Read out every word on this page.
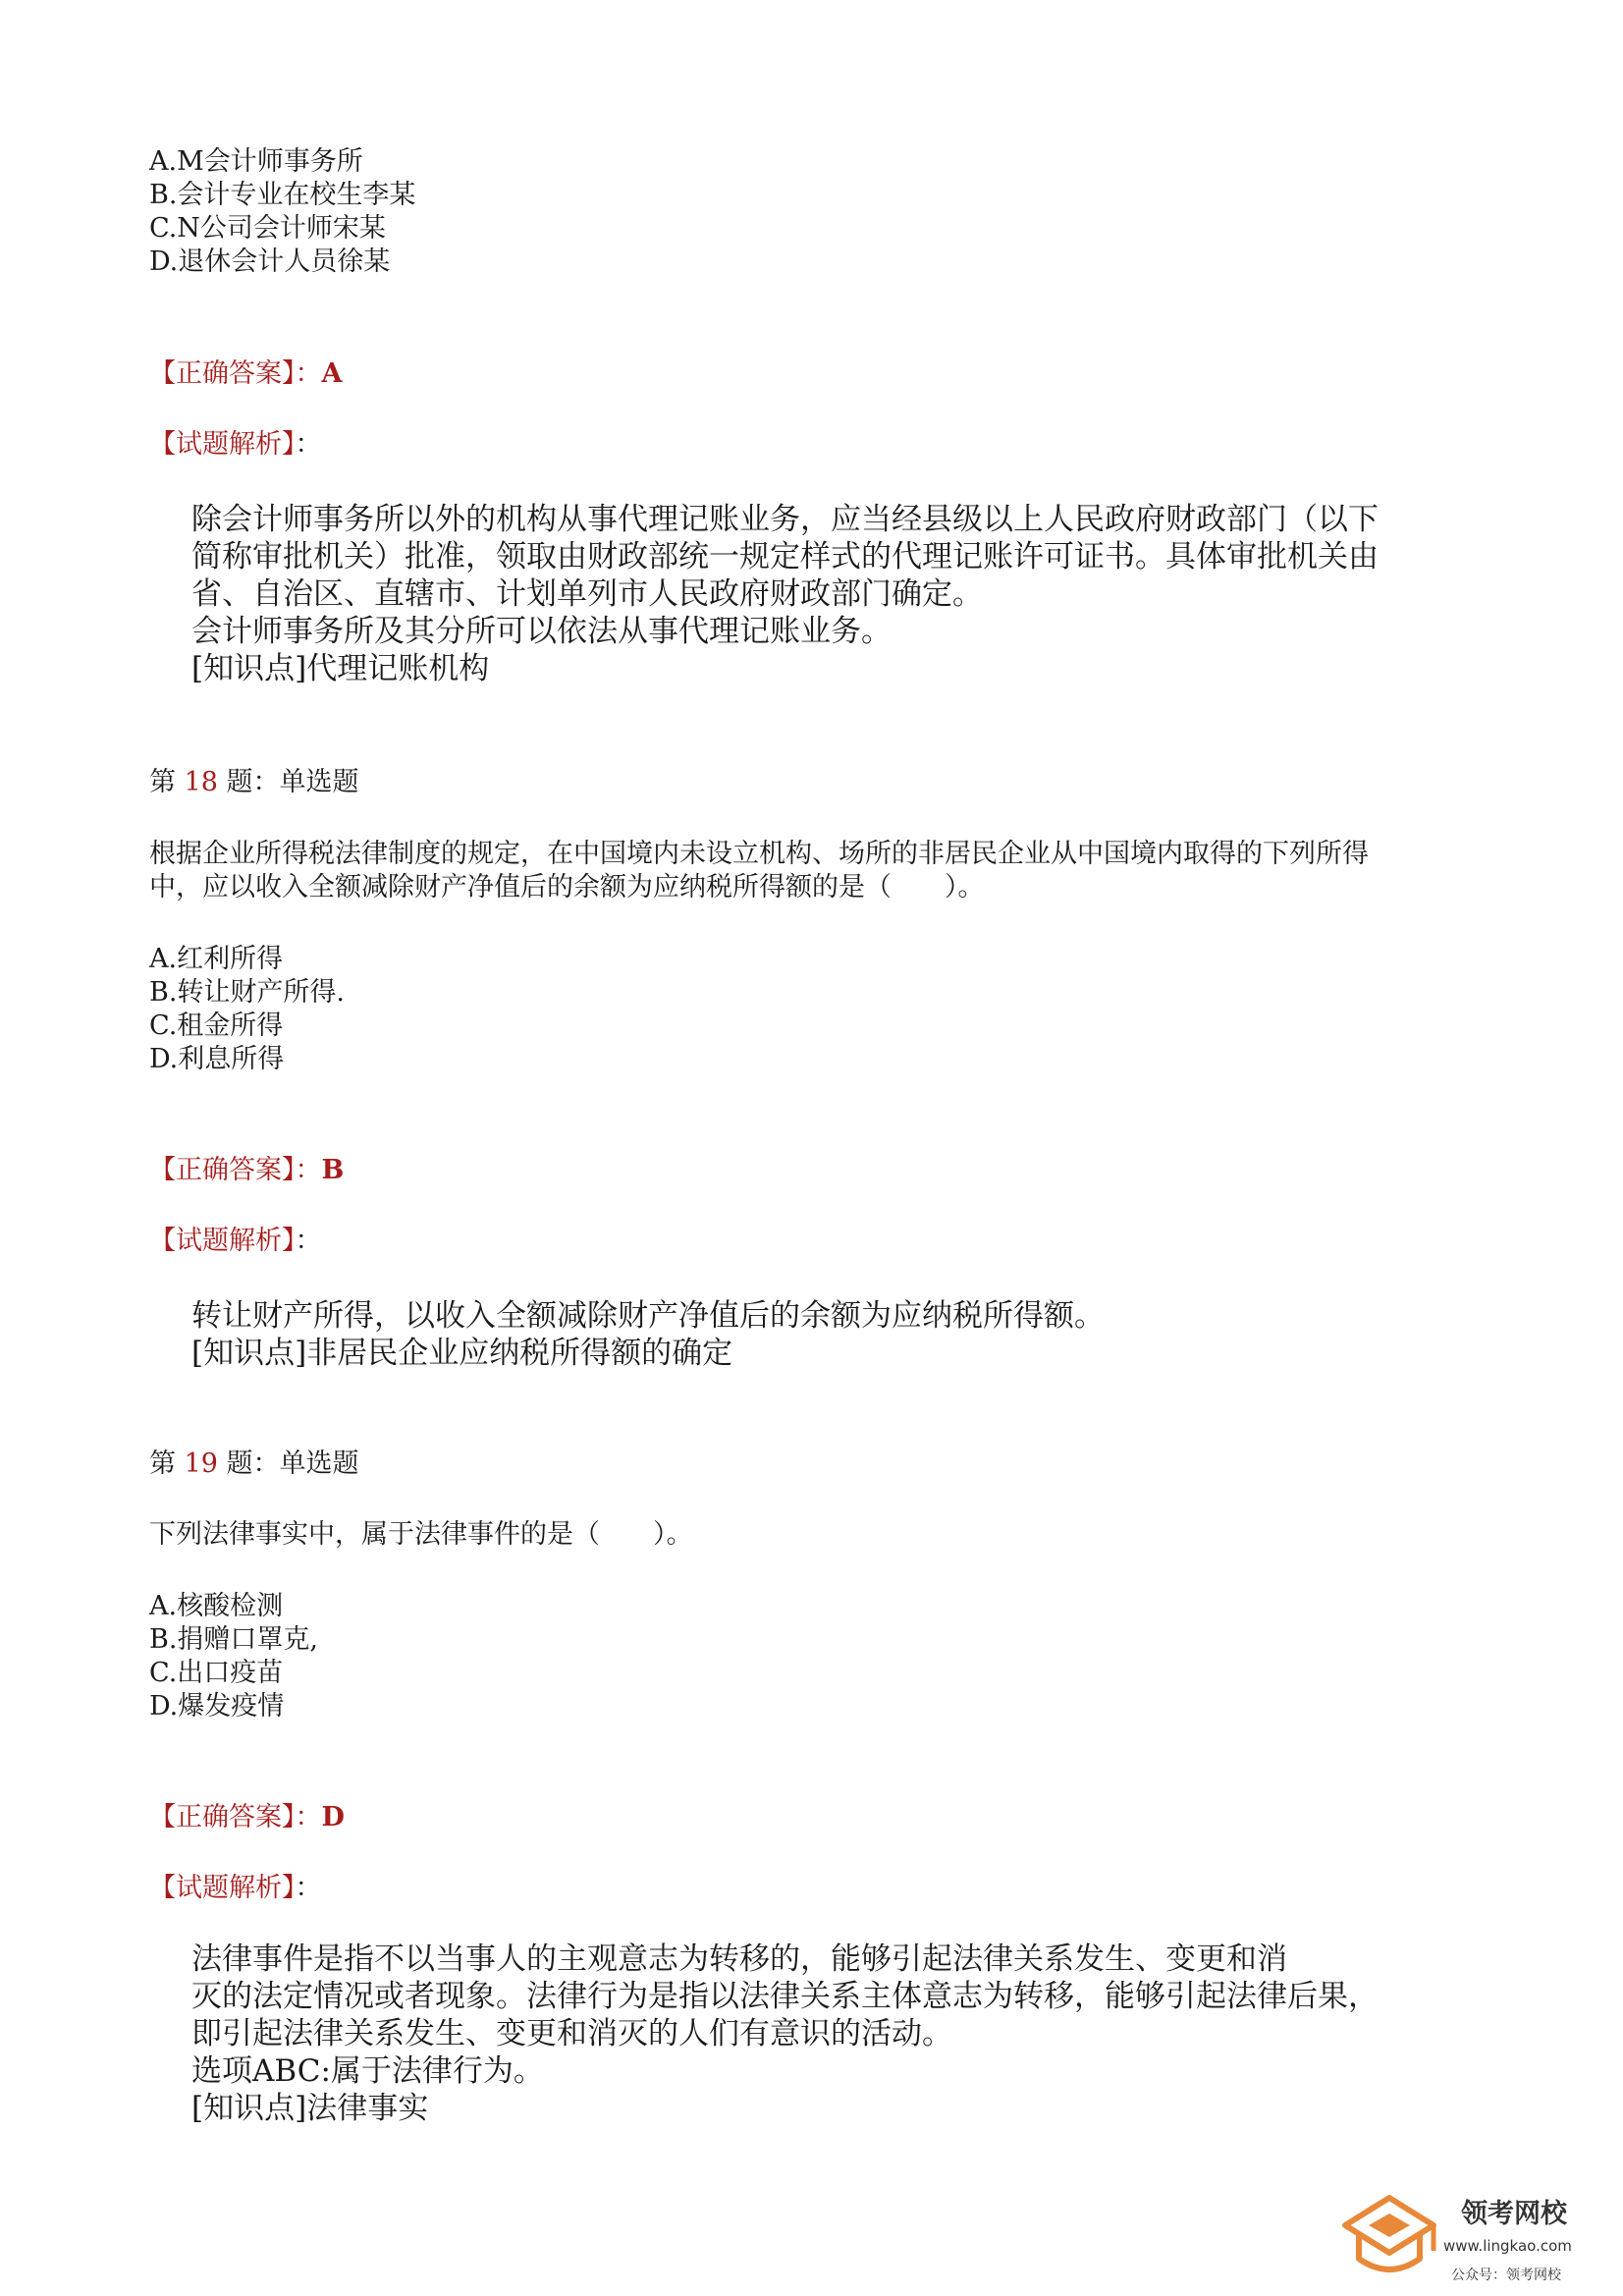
A.M会计师事务所
B.会计专业在校生李某
C.N公司会计师宋某
D.退休会计人员徐某
【正确答案】：A
【试题解析】：
除会计师事务所以外的机构从事代理记账业务，应当经县级以上人民政府财政部门（以下
简称审批机关）批准，领取由财政部统一规定样式的代理记账许可证书。具体审批机关由
省、自治区、直辖市、计划单列市人民政府财政部门确定。
会计师事务所及其分所可以依法从事代理记账业务。
[知识点]代理记账机构
第 18 题：单选题
根据企业所得税法律制度的规定，在中国境内未设立机构、场所的非居民企业从中国境内取得的下列所得
中，应以收入全额减除财产净值后的余额为应纳税所得额的是（　　）。
A.红利所得
B.转让财产所得.
C.租金所得
D.利息所得
【正确答案】：B
【试题解析】：
转让财产所得，以收入全额减除财产净值后的余额为应纳税所得额。
[知识点]非居民企业应纳税所得额的确定
第 19 题：单选题
下列法律事实中，属于法律事件的是（　　）。
A.核酸检测
B.捐赠口罩克,
C.出口疫苗
D.爆发疫情
【正确答案】：D
【试题解析】：
法律事件是指不以当事人的主观意志为转移的，能够引起法律关系发生、变更和消
灭的法定情况或者现象。法律行为是指以法律关系主体意志为转移，能够引起法律后果，
即引起法律关系发生、变更和消灭的人们有意识的活动。
选项ABC:属于法律行为。
[知识点]法律事实
领考网校
www.lingkao.com
公众号：领考网校
